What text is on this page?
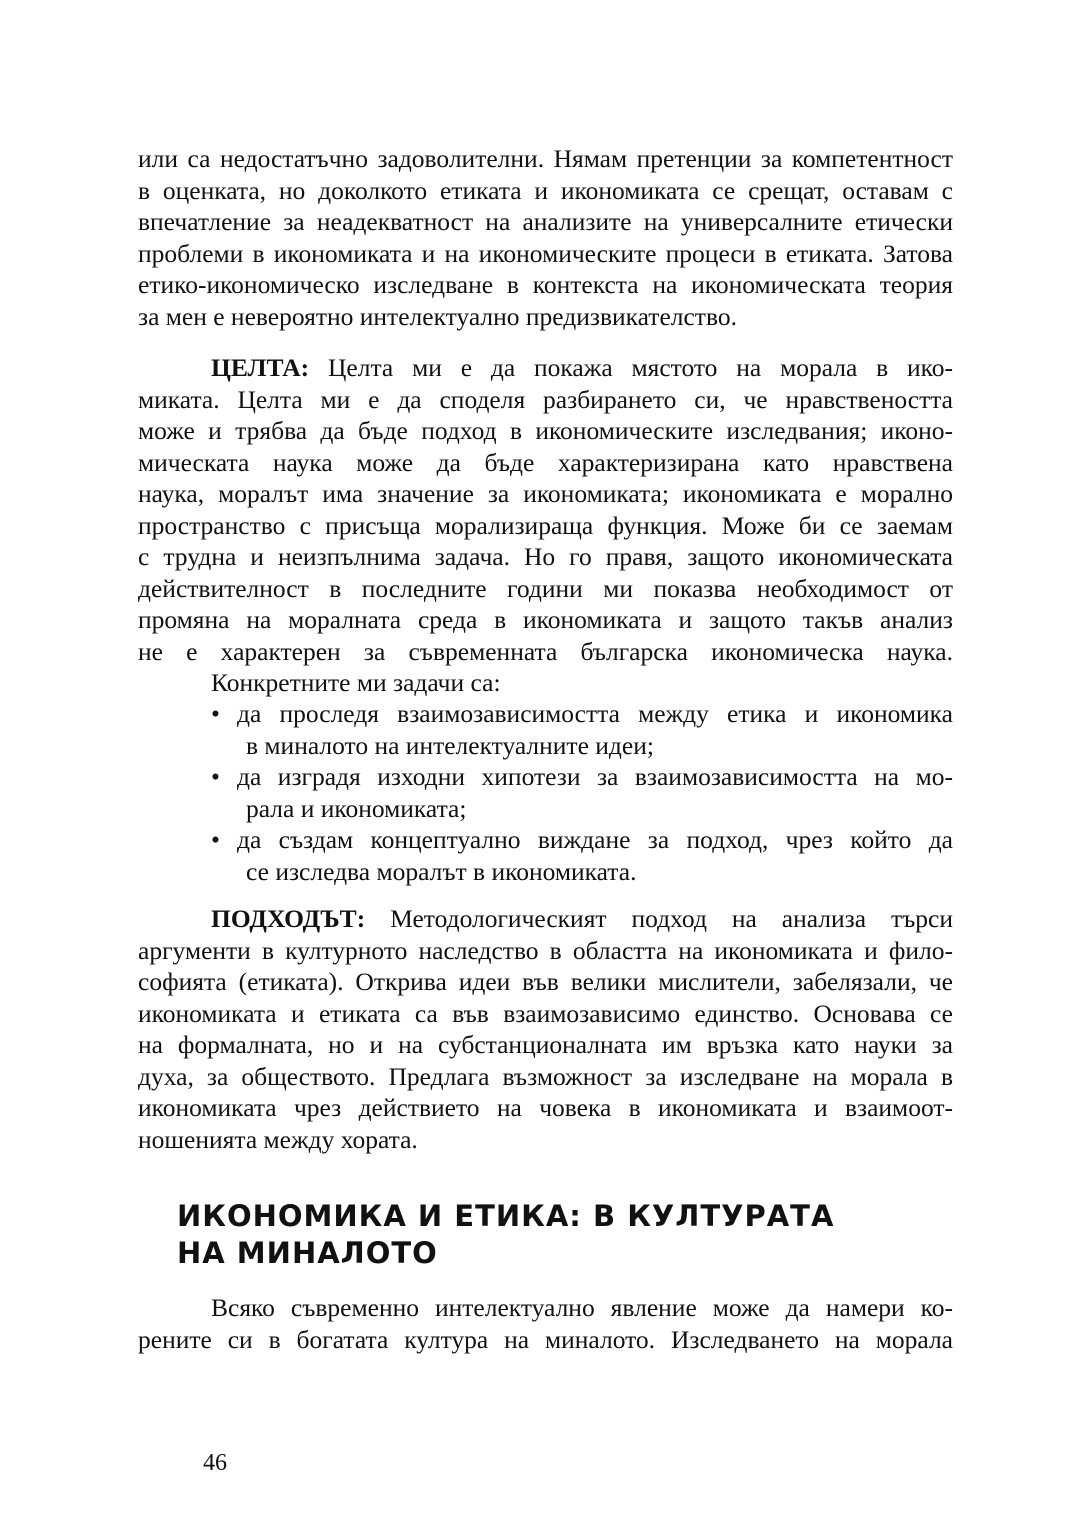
или са недостатъчно задоволителни. Нямам претенции за компетентност
в оценката, но доколкото етиката и икономиката се срещат, оставам с
впечатление за неадекватност на анализите на универсалните етически
проблеми в икономиката и на икономическите процеси в етиката. Затова
етико-икономическо изследване в контекста на икономическата теория
за мен е невероятно интелектуално предизвикателство.
ЦЕЛТА: Целта ми е да покажа мястото на морала в ико-
миката. Целта ми е да споделя разбирането си, че нравствеността
може и трябва да бъде подход в икономическите изследвания; иконо-
мическата наука може да бъде характеризирана като нравствена
наука, моралът има значение за икономиката; икономиката е морално
пространство с присъща морализираща функция. Може би се заемам
с трудна и неизпълнима задача. Но го правя, защото икономическата
действителност в последните години ми показва необходимост от
промяна на моралната среда в икономиката и защото такъв анализ
не е характерен за съвременната българска икономическа наука.
Конкретните ми задачи са:
• да проследя взаимозависимостта между етика и икономика
в миналото на интелектуалните идеи;
• да изградя изходни хипотези за взаимозависимостта на мо-
рала и икономиката;
• да създам концептуално виждане за подход, чрез който да
се изследва моралът в икономиката.
ПОДХОДЪТ: Методологическият подход на анализа търси
аргументи в културното наследство в областта на икономиката и фило-
софията (етиката). Открива идеи във велики мислители, забелязали, че
икономиката и етиката са във взаимозависимо единство. Основава се
на формалната, но и на субстанционалната им връзка като науки за
духа, за обществото. Предлага възможност за изследване на морала в
икономиката чрез действието на човека в икономиката и взаимоот-
ношенията между хората.
ИКОНОМИКА И ЕТИКА: В КУЛТУРАТА
НА МИНАЛОТО
Всяко съвременно интелектуално явление може да намери ко-
рените си в богатата култура на миналото. Изследването на морала
46
